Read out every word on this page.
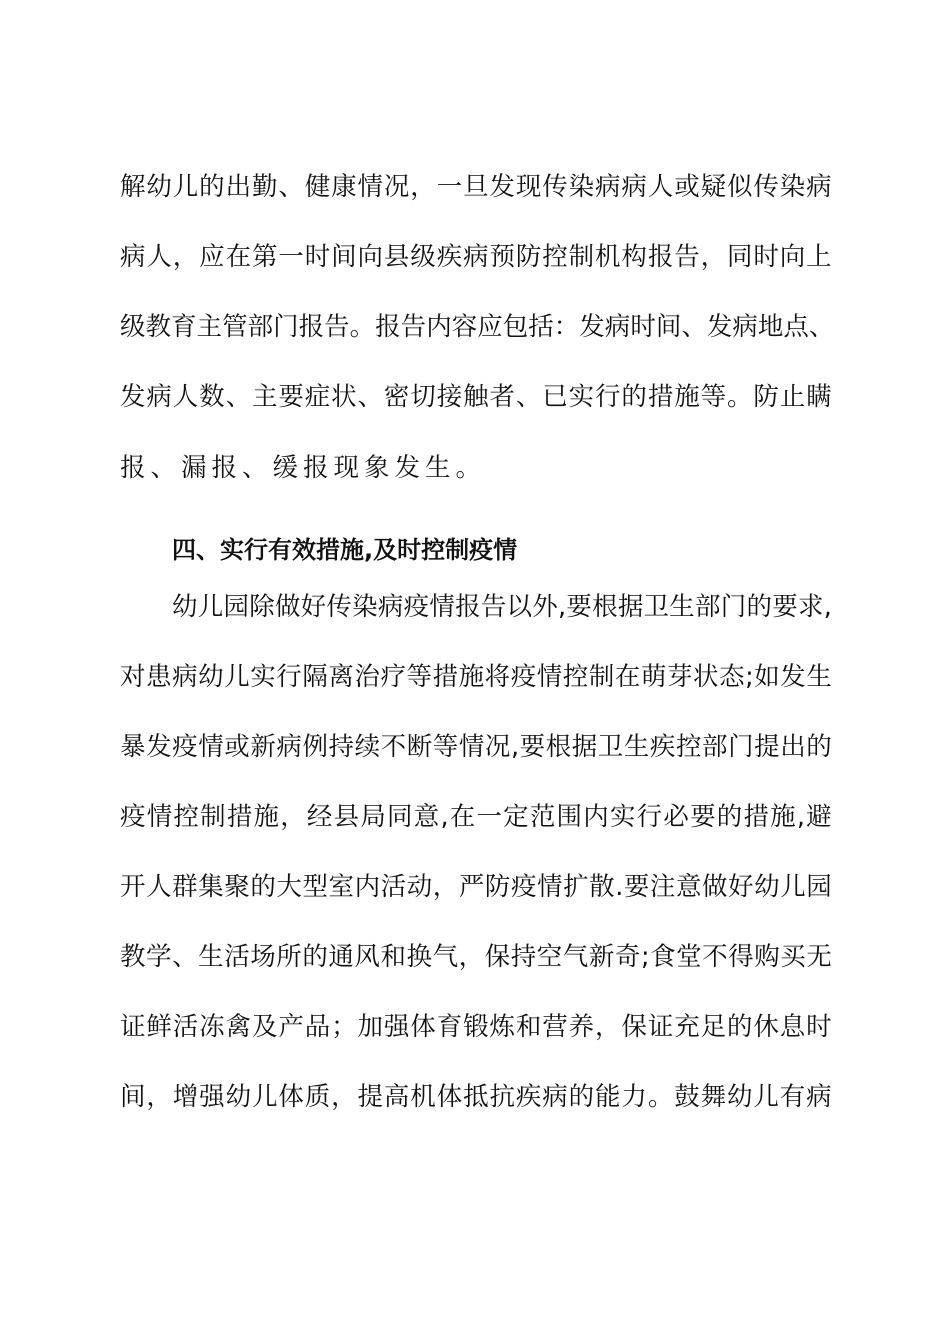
解 幼 儿 的 出 勤 、 健 康 情 况 ， 一 旦 发 现 传 染 病 病 人 或 疑 似 传 染 病
病 人 ， 应 在 第 一 时 间 向 县 级 疾 病 预 防 控 制 机 构 报 告 ， 同 时 向 上
级 教 育 主 管 部 门 报 告 。 报 告 内 容 应 包 括 ： 发 病 时 间 、 发 病 地 点 、
发 病 人 数 、 主 要 症 状 、 密 切 接 触 者 、 已 实 行 的 措 施 等 。 防 止 瞒
报、漏报、缓报现象发生。
四、实行有效措施,及时控制疫情
幼 儿 园 除 做 好 传 染 病 疫 情 报 告 以 外 , 要 根 据 卫 生 部 门 的 要 求 ,
对 患 病 幼 儿 实 行 隔 离 治 疗 等 措 施 将 疫 情 控 制 在 萌 芽 状 态 ; 如 发 生
暴 发 疫 情 或 新 病 例 持 续 不 断 等 情 况 , 要 根 据 卫 生 疾 控 部 门 提 出 的
疫 情 控 制 措 施 ， 经 县 局 同 意 , 在 一 定 范 围 内 实 行 必 要 的 措 施 , 避
开 人 群 集 聚 的 大 型 室 内 活 动 ， 严 防 疫 情 扩 散 . 要 注 意 做 好 幼 儿 园
教 学 、 生 活 场 所 的 通 风 和 换 气 ， 保 持 空 气 新 奇 ; 食 堂 不 得 购 买 无
证 鲜 活 冻 禽 及 产 品 ； 加 强 体 育 锻 炼 和 营 养 ， 保 证 充 足 的 休 息 时
间 ， 增 强 幼 儿 体 质 ， 提 高 机 体 抵 抗 疾 病 的 能 力 。 鼓 舞 幼 儿 有 病
